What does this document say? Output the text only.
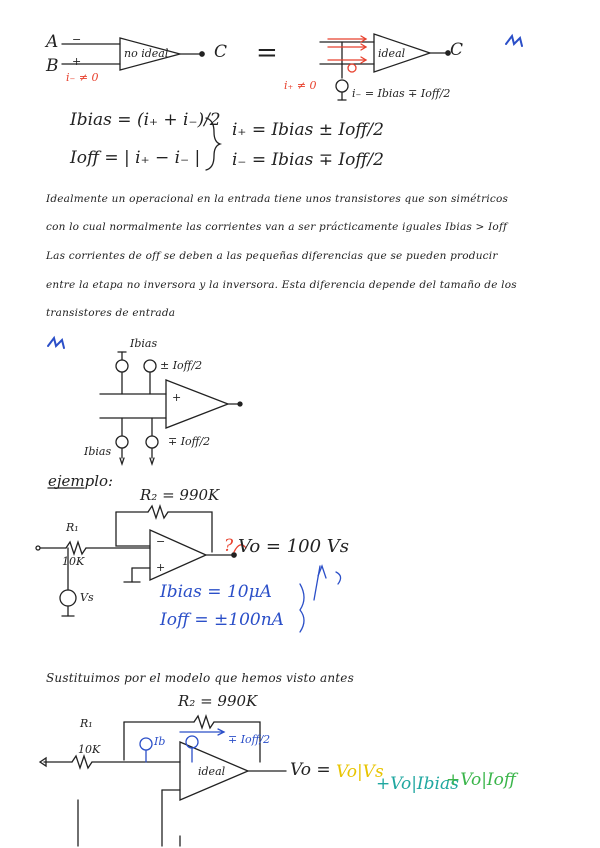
A
B
−
+
no ideal	C
i₋ ≠ 0
=	ideal	C
i₊ ≠ 0
i₋ = Ibias ∓ Ioff/2
Ibias = (i₊ + i₋)/2
Ioff = | i₊ − i₋ |
i₊ = Ibias ± Ioff/2
i₋ = Ibias ∓ Ioff/2
Idealmente un operacional en la entrada tiene unos transistores que son simétricos
con lo cual normalmente las corrientes van a ser prácticamente iguales Ibias > Ioff
Las corrientes de off se deben a las pequeñas diferencias que se pueden producir
entre la etapa no inversora y la inversora. Esta diferencia depende del tamaño de los
transistores de entrada
Ibias
± Ioff/2
+
Ibias
∓ Ioff/2
ejemplo:
R₂ = 990K
R₁
10K
Vs
−
+
? Vo = 100 Vs
Ibias = 10μA
Ioff = ±100nA
Sustituimos por el modelo que hemos visto antes
R₂ = 990K
R₁
10K
Ib	∓ Ioff/2
ideal	Vo = Vo|Vs
+Vo|Ibias
+Vo|Ioff
